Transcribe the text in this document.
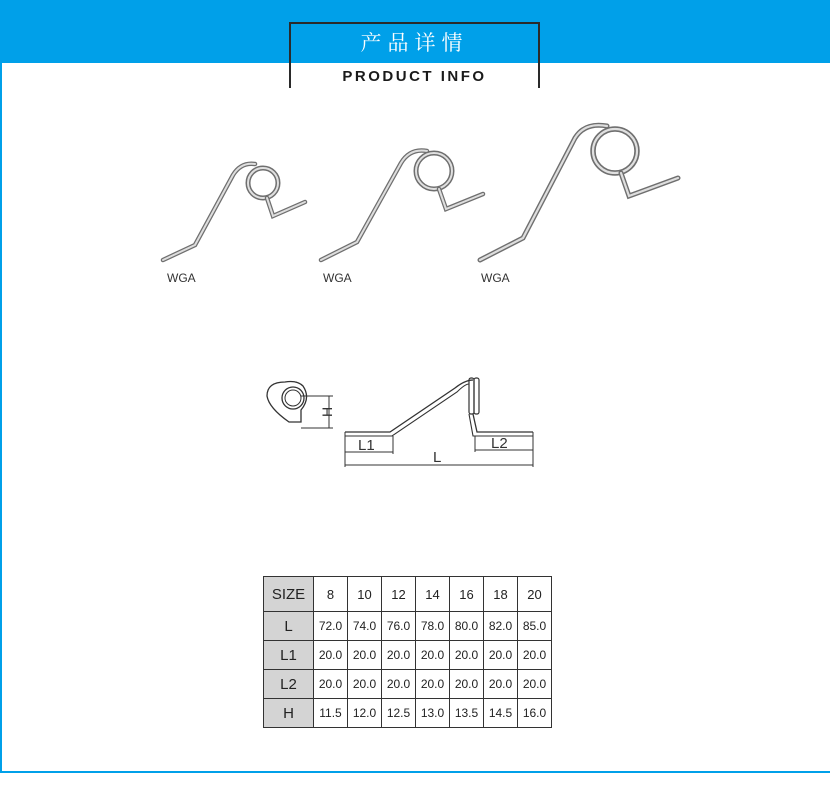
产品详情
PRODUCT INFO
WGA	WGA	WGA
H
L1	L2
L
SIZE	8	10	12	14	16	18	20
L	72.0	74.0	76.0	78.0	80.0	82.0	85.0
L1	20.0	20.0	20.0	20.0	20.0	20.0	20.0
L2	20.0	20.0	20.0	20.0	20.0	20.0	20.0
H	11.5	12.0	12.5	13.0	13.5	14.5	16.0
